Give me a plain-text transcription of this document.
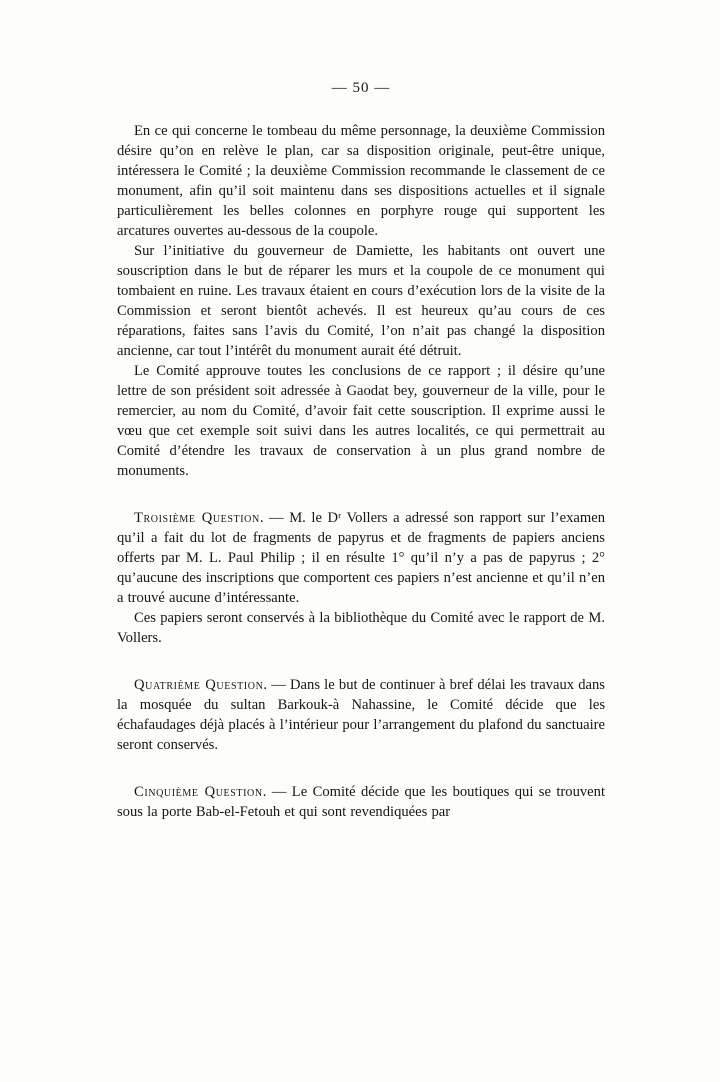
— 50 —

En ce qui concerne le tombeau du même personnage, la deuxième Commission désire qu’on en relève le plan, car sa disposition originale, peut-être unique, intéressera le Comité ; la deuxième Commission recommande le classement de ce monument, afin qu’il soit maintenu dans ses dispositions actuelles et il signale particulièrement les belles colonnes en porphyre rouge qui supportent les arcatures ouvertes au-dessous de la coupole.

Sur l’initiative du gouverneur de Damiette, les habitants ont ouvert une souscription dans le but de réparer les murs et la coupole de ce monument qui tombaient en ruine. Les travaux étaient en cours d’exécution lors de la visite de la Commission et seront bientôt achevés. Il est heureux qu’au cours de ces réparations, faites sans l’avis du Comité, l’on n’ait pas changé la disposition ancienne, car tout l’intérêt du monument aurait été détruit.

Le Comité approuve toutes les conclusions de ce rapport ; il désire qu’une lettre de son président soit adressée à Gaodat bey, gouverneur de la ville, pour le remercier, au nom du Comité, d’avoir fait cette souscription. Il exprime aussi le vœu que cet exemple soit suivi dans les autres localités, ce qui permettrait au Comité d’étendre les travaux de conservation à un plus grand nombre de monuments.

Troisième Question. — M. le Dʳ Vollers a adressé son rapport sur l’examen qu’il a fait du lot de fragments de papyrus et de fragments de papiers anciens offerts par M. L. Paul Philip ; il en résulte 1° qu’il n’y a pas de papyrus ; 2° qu’aucune des inscriptions que comportent ces papiers n’est ancienne et qu’il n’en a trouvé aucune d’intéressante.

Ces papiers seront conservés à la bibliothèque du Comité avec le rapport de M. Vollers.

Quatrième Question. — Dans le but de continuer à bref délai les travaux dans la mosquée du sultan Barkouk-à Nahassine, le Comité décide que les échafaudages déjà placés à l’intérieur pour l’arrangement du plafond du sanctuaire seront conservés.

Cinquième Question. — Le Comité décide que les boutiques qui se trouvent sous la porte Bab-el-Fetouh et qui sont revendiquées par
